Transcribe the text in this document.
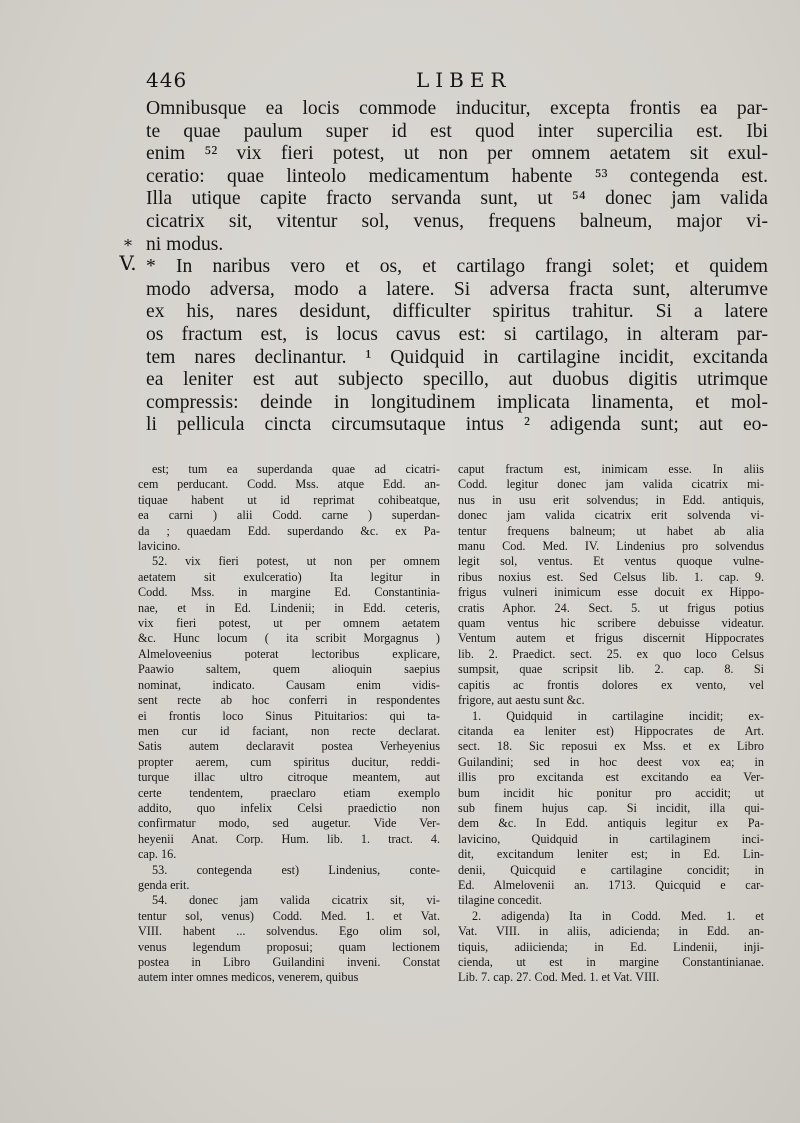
446	LIBER
*
V.
Omnibusque ea locis commode inducitur, excepta frontis ea par-
te quae paulum super id est quod inter supercilia est. Ibi
enim ⁵² vix fieri potest, ut non per omnem aetatem sit exul-
ceratio: quae linteolo medicamentum habente ⁵³ contegenda est.
Illa utique capite fracto servanda sunt, ut ⁵⁴ donec jam valida
cicatrix sit, vitentur sol, venus, frequens balneum, major vi-
ni modus.
* In naribus vero et os, et cartilago frangi solet; et quidem
modo adversa, modo a latere. Si adversa fracta sunt, alterumve
ex his, nares desidunt, difficulter spiritus trahitur. Si a latere
os fractum est, is locus cavus est: si cartilago, in alteram par-
tem nares declinantur. ¹ Quidquid in cartilagine incidit, excitanda
ea leniter est aut subjecto specillo, aut duobus digitis utrimque
compressis: deinde in longitudinem implicata linamenta, et mol-
li pellicula cincta circumsutaque intus ² adigenda sunt; aut eo-
est; tum ea superdanda quae ad cicatri-
cem perducant. Codd. Mss. atque Edd. an-
tiquae habent ut id reprimat cohibeatque,
ea carni ) alii Codd. carne ) superdan-
da ; quaedam Edd. superdando &c. ex Pa-
lavicino.
52. vix fieri potest, ut non per omnem
aetatem sit exulceratio) Ita legitur in
Codd. Mss. in margine Ed. Constantinia-
nae, et in Ed. Lindenii; in Edd. ceteris,
vix fieri potest, ut per omnem aetatem
&c. Hunc locum ( ita scribit Morgagnus )
Almeloveenius poterat lectoribus explicare,
Paawio saltem, quem alioquin saepius
nominat, indicato. Causam enim vidis-
sent recte ab hoc conferri in respondentes
ei frontis loco Sinus Pituitarios: qui ta-
men cur id faciant, non recte declarat.
Satis autem declaravit postea Verheyenius
propter aerem, cum spiritus ducitur, reddi-
turque illac ultro citroque meantem, aut
certe tendentem, praeclaro etiam exemplo
addito, quo infelix Celsi praedictio non
confirmatur modo, sed augetur. Vide Ver-
heyenii Anat. Corp. Hum. lib. 1. tract. 4.
cap. 16.
53. contegenda est) Lindenius, conte-
genda erit.
54. donec jam valida cicatrix sit, vi-
tentur sol, venus) Codd. Med. 1. et Vat.
VIII. habent ... solvendus. Ego olim sol,
venus legendum proposui; quam lectionem
postea in Libro Guilandini inveni. Constat
autem inter omnes medicos, venerem, quibus
caput fractum est, inimicam esse. In aliis
Codd. legitur donec jam valida cicatrix mi-
nus in usu erit solvendus; in Edd. antiquis,
donec jam valida cicatrix erit solvenda vi-
tentur frequens balneum; ut habet ab alia
manu Cod. Med. IV. Lindenius pro solvendus
legit sol, ventus. Et ventus quoque vulne-
ribus noxius est. Sed Celsus lib. 1. cap. 9.
frigus vulneri inimicum esse docuit ex Hippo-
cratis Aphor. 24. Sect. 5. ut frigus potius
quam ventus hic scribere debuisse videatur.
Ventum autem et frigus discernit Hippocrates
lib. 2. Praedict. sect. 25. ex quo loco Celsus
sumpsit, quae scripsit lib. 2. cap. 8. Si
capitis ac frontis dolores ex vento, vel
frigore, aut aestu sunt &c.
1. Quidquid in cartilagine incidit; ex-
citanda ea leniter est) Hippocrates de Art.
sect. 18. Sic reposui ex Mss. et ex Libro
Guilandini; sed in hoc deest vox ea; in
illis pro excitanda est excitando ea Ver-
bum incidit hic ponitur pro accidit; ut
sub finem hujus cap. Si incidit, illa qui-
dem &c. In Edd. antiquis legitur ex Pa-
lavicino, Quidquid in cartilaginem inci-
dit, excitandum leniter est; in Ed. Lin-
denii, Quicquid e cartilagine concidit; in
Ed. Almelovenii an. 1713. Quicquid e car-
tilagine concedit.
2. adigenda) Ita in Codd. Med. 1. et
Vat. VIII. in aliis, adicienda; in Edd. an-
tiquis, adiicienda; in Ed. Lindenii, inji-
cienda, ut est in margine Constantinianae.
Lib. 7. cap. 27. Cod. Med. 1. et Vat. VIII.
